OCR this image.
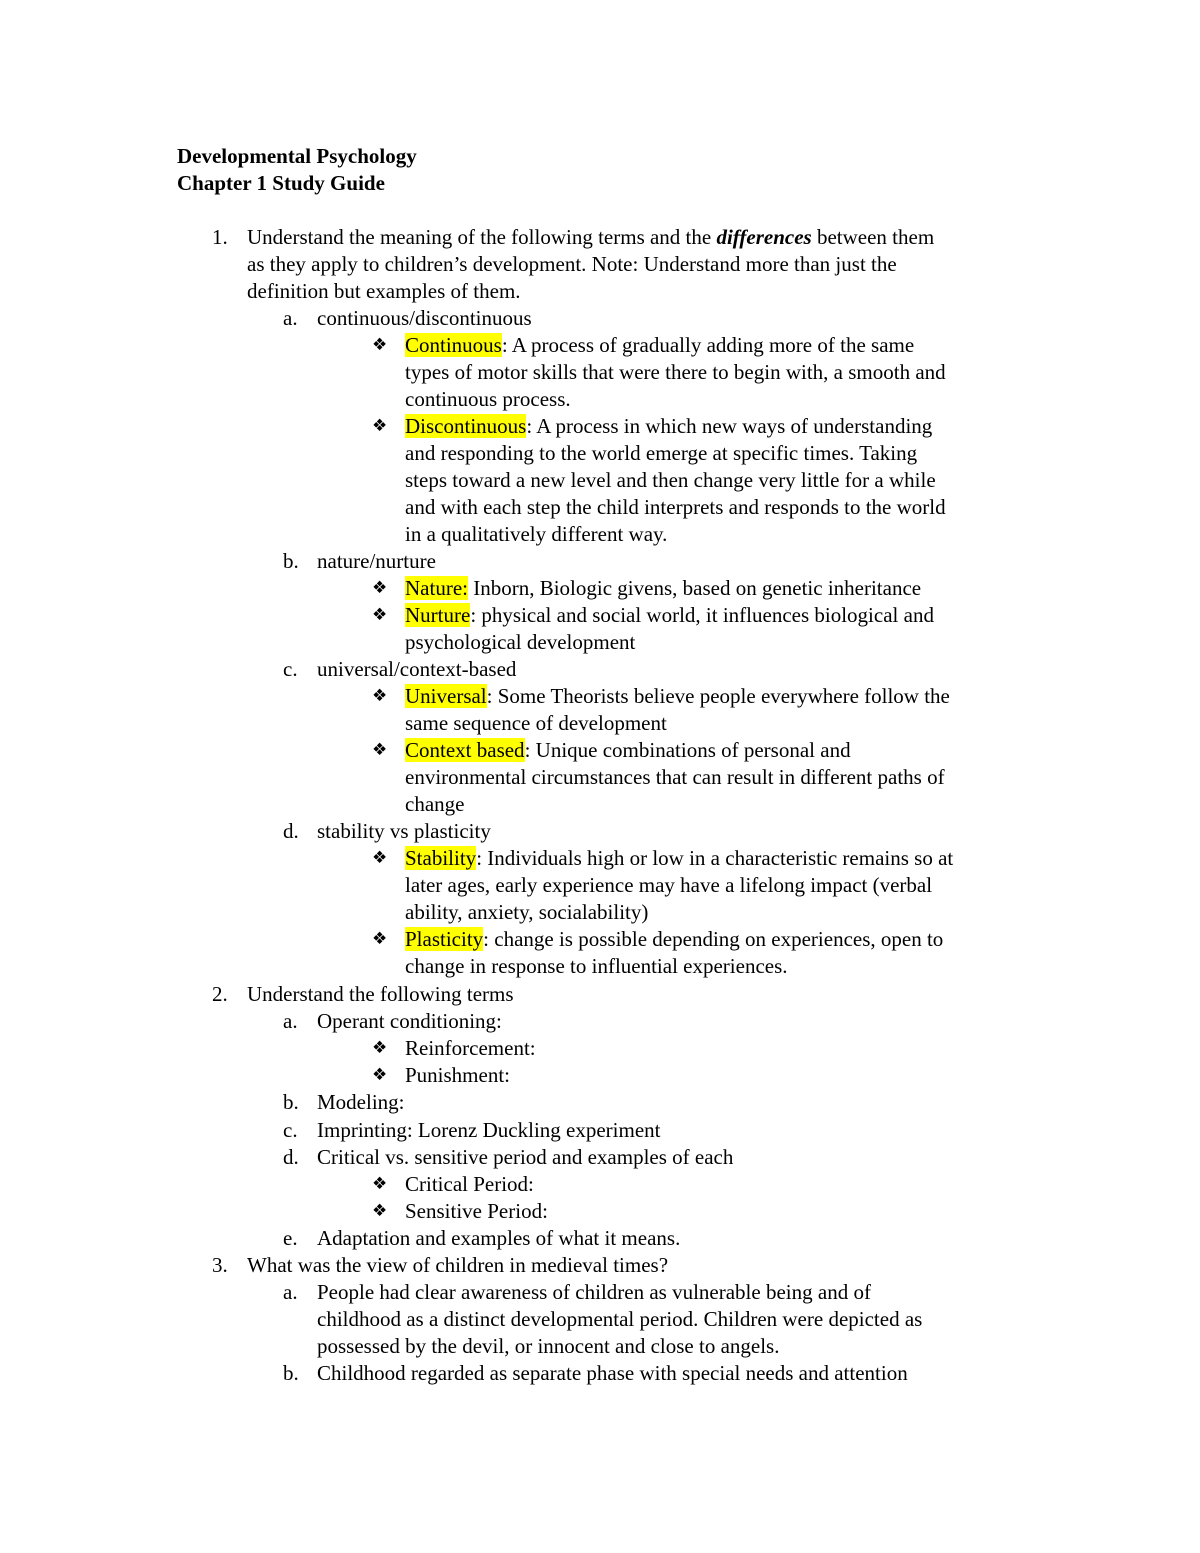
Developmental Psychology
Chapter 1 Study Guide
1. Understand the meaning of the following terms and the differences between them
as they apply to children’s development. Note: Understand more than just the
definition but examples of them.
a. continuous/discontinuous
❖ Continuous: A process of gradually adding more of the same
types of motor skills that were there to begin with, a smooth and
continuous process.
❖ Discontinuous: A process in which new ways of understanding
and responding to the world emerge at specific times. Taking
steps toward a new level and then change very little for a while
and with each step the child interprets and responds to the world
in a qualitatively different way.
b. nature/nurture
❖ Nature: Inborn, Biologic givens, based on genetic inheritance
❖ Nurture: physical and social world, it influences biological and
psychological development
c. universal/context-based
❖ Universal: Some Theorists believe people everywhere follow the
same sequence of development
❖ Context based: Unique combinations of personal and
environmental circumstances that can result in different paths of
change
d. stability vs plasticity
❖ Stability: Individuals high or low in a characteristic remains so at
later ages, early experience may have a lifelong impact (verbal
ability, anxiety, socialability)
❖ Plasticity: change is possible depending on experiences, open to
change in response to influential experiences.
2. Understand the following terms
a. Operant conditioning:
❖ Reinforcement:
❖ Punishment:
b. Modeling:
c. Imprinting: Lorenz Duckling experiment
d. Critical vs. sensitive period and examples of each
❖ Critical Period:
❖ Sensitive Period:
e. Adaptation and examples of what it means.
3. What was the view of children in medieval times?
a. People had clear awareness of children as vulnerable being and of
childhood as a distinct developmental period. Children were depicted as
possessed by the devil, or innocent and close to angels.
b. Childhood regarded as separate phase with special needs and attention
